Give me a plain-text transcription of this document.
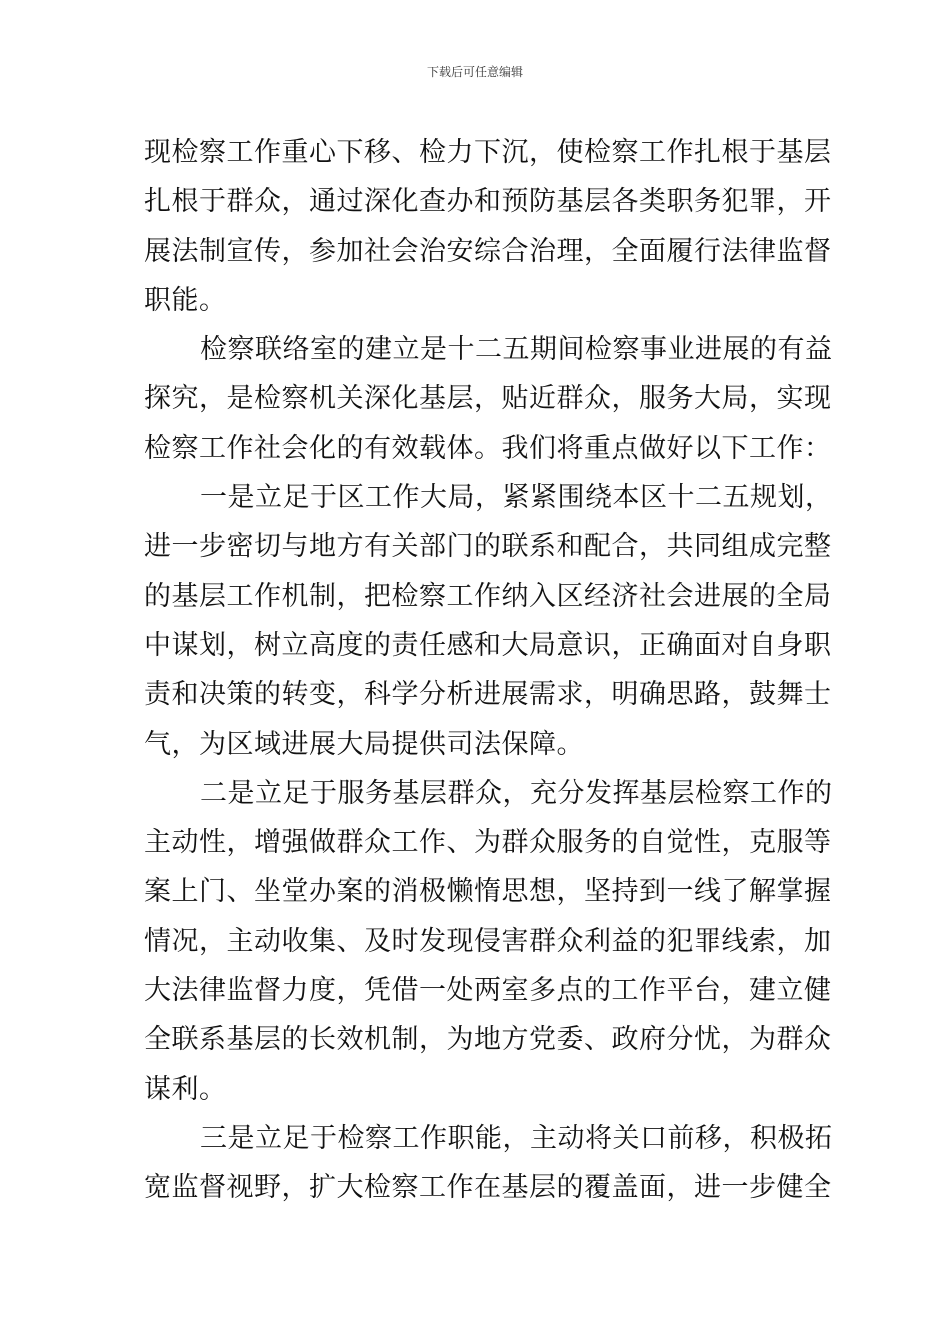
下载后可任意编辑
现检察工作重心下移、检力下沉，使检察工作扎根于基层
扎根于群众，通过深化查办和预防基层各类职务犯罪，开
展法制宣传，参加社会治安综合治理，全面履行法律监督
职能。
检察联络室的建立是十二五期间检察事业进展的有益
探究，是检察机关深化基层，贴近群众，服务大局，实现
检察工作社会化的有效载体。我们将重点做好以下工作：
一是立足于区工作大局，紧紧围绕本区十二五规划，
进一步密切与地方有关部门的联系和配合，共同组成完整
的基层工作机制，把检察工作纳入区经济社会进展的全局
中谋划，树立高度的责任感和大局意识，正确面对自身职
责和决策的转变，科学分析进展需求，明确思路，鼓舞士
气，为区域进展大局提供司法保障。
二是立足于服务基层群众，充分发挥基层检察工作的
主动性，增强做群众工作、为群众服务的自觉性，克服等
案上门、坐堂办案的消极懒惰思想，坚持到一线了解掌握
情况，主动收集、及时发现侵害群众利益的犯罪线索，加
大法律监督力度，凭借一处两室多点的工作平台，建立健
全联系基层的长效机制，为地方党委、政府分忧，为群众
谋利。
三是立足于检察工作职能，主动将关口前移，积极拓
宽监督视野，扩大检察工作在基层的覆盖面，进一步健全
